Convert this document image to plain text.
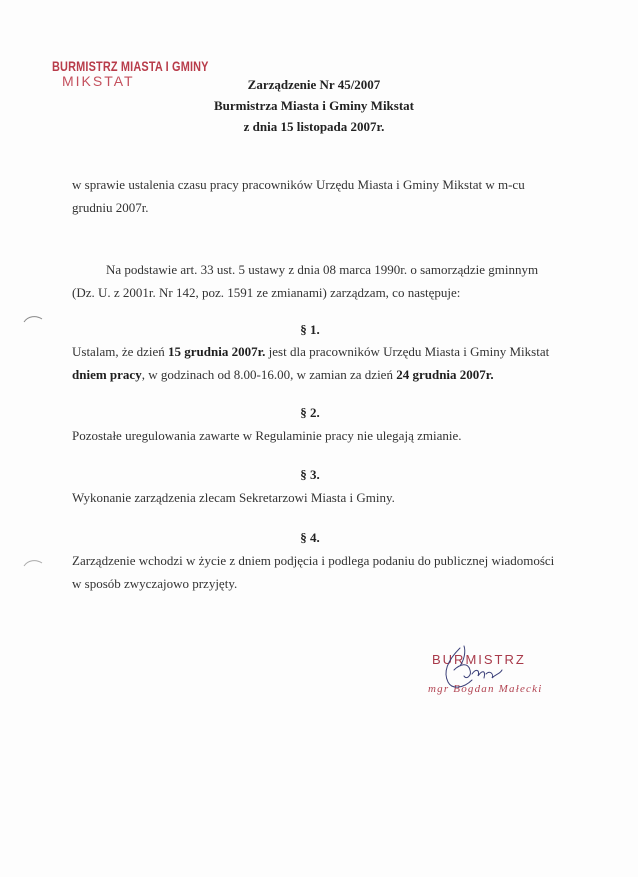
BURMISTRZ MIASTA I GMINY
MIKSTAT	Zarządzenie Nr 45/2007
Burmistrza Miasta i Gminy Mikstat
z dnia 15 listopada 2007r.
w sprawie ustalenia czasu pracy pracowników Urzędu Miasta i Gminy Mikstat w m-cu
grudniu 2007r.
Na podstawie art. 33 ust. 5 ustawy z dnia 08 marca 1990r. o samorządzie gminnym
(Dz. U. z 2001r. Nr 142, poz. 1591 ze zmianami) zarządzam, co następuje:
§ 1.
Ustalam, że dzień 15 grudnia 2007r. jest dla pracowników Urzędu Miasta i Gminy Mikstat
dniem pracy, w godzinach od 8.00-16.00, w zamian za dzień 24 grudnia 2007r.
§ 2.
Pozostałe uregulowania zawarte w Regulaminie pracy nie ulegają zmianie.
§ 3.
Wykonanie zarządzenia zlecam Sekretarzowi Miasta i Gminy.
§ 4.
Zarządzenie wchodzi w życie z dniem podjęcia i podlega podaniu do publicznej wiadomości
w sposób zwyczajowo przyjęty.
BURMISTRZ
mgr Bogdan Małecki
